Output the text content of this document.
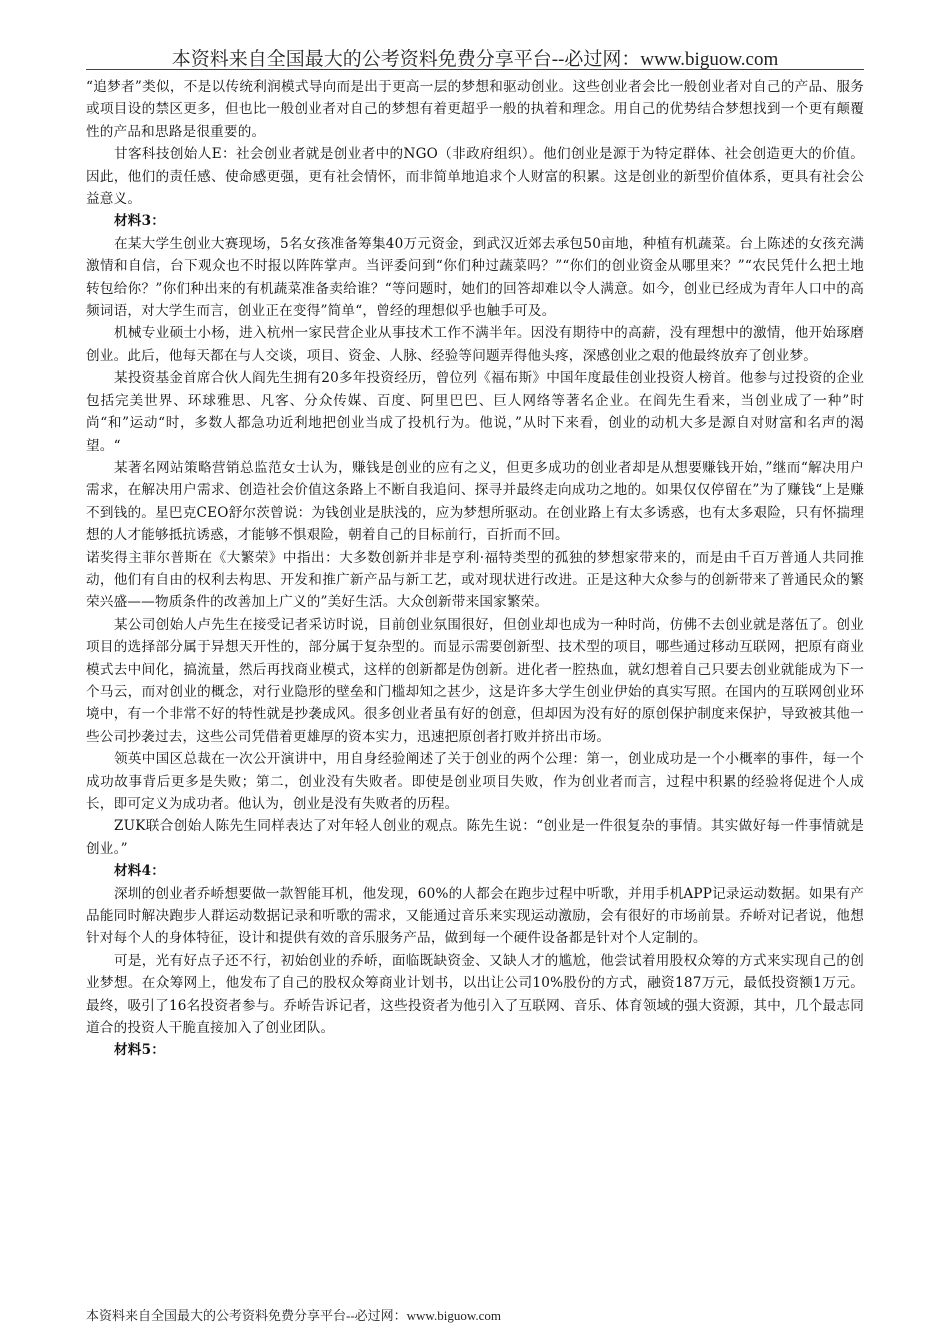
本资料来自全国最大的公考资料免费分享平台--必过网：www.biguow.com

“追梦者”类似，不是以传统利润模式导向而是出于更高一层的梦想和驱动创业。这些创业者会比一般创业者对自己的产品、服务或项目设的禁区更多，但也比一般创业者对自己的梦想有着更超乎一般的执着和理念。用自己的优势结合梦想找到一个更有颠覆性的产品和思路是很重要的。

甘客科技创始人E：社会创业者就是创业者中的NGO（非政府组织）。他们创业是源于为特定群体、社会创造更大的价值。因此，他们的责任感、使命感更强，更有社会情怀，而非简单地追求个人财富的积累。这是创业的新型价值体系，更具有社会公益意义。

材料3：

在某大学生创业大赛现场，5名女孩准备筹集40万元资金，到武汉近郊去承包50亩地，种植有机蔬菜。台上陈述的女孩充满激情和自信，台下观众也不时报以阵阵掌声。当评委问到“你们种过蔬菜吗？”“你们的创业资金从哪里来？”“农民凭什么把土地转包给你？”你们种出来的有机蔬菜准备卖给谁？“等问题时，她们的回答却难以令人满意。如今，创业已经成为青年人口中的高频词语，对大学生而言，创业正在变得”简单“，曾经的理想似乎也触手可及。

机械专业硕士小杨，进入杭州一家民营企业从事技术工作不满半年。因没有期待中的高薪，没有理想中的激情，他开始琢磨创业。此后，他每天都在与人交谈，项目、资金、人脉、经验等问题弄得他头疼，深感创业之艰的他最终放弃了创业梦。

某投资基金首席合伙人阎先生拥有20多年投资经历，曾位列《福布斯》中国年度最佳创业投资人榜首。他参与过投资的企业包括完美世界、环球雅思、凡客、分众传媒、百度、阿里巴巴、巨人网络等著名企业。在阎先生看来，当创业成了一种”时尚“和”运动“时，多数人都急功近利地把创业当成了投机行为。他说，”从时下来看，创业的动机大多是源自对财富和名声的渴望。“

某著名网站策略营销总监范女士认为，赚钱是创业的应有之义，但更多成功的创业者却是从想要赚钱开始，”继而“解决用户需求，在解决用户需求、创造社会价值这条路上不断自我追问、探寻并最终走向成功之地的。如果仅仅停留在”为了赚钱“上是赚不到钱的。星巴克CEO舒尔茨曾说：为钱创业是肤浅的，应为梦想所驱动。在创业路上有太多诱惑，也有太多艰险，只有怀揣理想的人才能够抵抗诱惑，才能够不惧艰险，朝着自己的目标前行，百折而不回。

诺奖得主菲尔普斯在《大繁荣》中指出：大多数创新并非是亨利·福特类型的孤独的梦想家带来的，而是由千百万普通人共同推动，他们有自由的权利去构思、开发和推广新产品与新工艺，或对现状进行改进。正是这种大众参与的创新带来了普通民众的繁荣兴盛——物质条件的改善加上广义的”美好生活。大众创新带来国家繁荣。

某公司创始人卢先生在接受记者采访时说，目前创业氛围很好，但创业却也成为一种时尚，仿佛不去创业就是落伍了。创业项目的选择部分属于异想天开性的，部分属于复杂型的。而显示需要创新型、技术型的项目，哪些通过移动互联网，把原有商业模式去中间化，搞流量，然后再找商业模式，这样的创新都是伪创新。进化者一腔热血，就幻想着自己只要去创业就能成为下一个马云，而对创业的概念，对行业隐形的壁垒和门槛却知之甚少，这是许多大学生创业伊始的真实写照。在国内的互联网创业环境中，有一个非常不好的特性就是抄袭成风。很多创业者虽有好的创意，但却因为没有好的原创保护制度来保护，导致被其他一些公司抄袭过去，这些公司凭借着更雄厚的资本实力，迅速把原创者打败并挤出市场。

领英中国区总裁在一次公开演讲中，用自身经验阐述了关于创业的两个公理：第一，创业成功是一个小概率的事件，每一个成功故事背后更多是失败；第二，创业没有失败者。即使是创业项目失败，作为创业者而言，过程中积累的经验将促进个人成长，即可定义为成功者。他认为，创业是没有失败者的历程。

ZUK联合创始人陈先生同样表达了对年轻人创业的观点。陈先生说：“创业是一件很复杂的事情。其实做好每一件事情就是创业。”

材料4：

深圳的创业者乔峤想要做一款智能耳机，他发现，60%的人都会在跑步过程中听歌，并用手机APP记录运动数据。如果有产品能同时解决跑步人群运动数据记录和听歌的需求，又能通过音乐来实现运动激励，会有很好的市场前景。乔峤对记者说，他想针对每个人的身体特征，设计和提供有效的音乐服务产品，做到每一个硬件设备都是针对个人定制的。

可是，光有好点子还不行，初始创业的乔峤，面临既缺资金、又缺人才的尴尬，他尝试着用股权众筹的方式来实现自己的创业梦想。在众筹网上，他发布了自己的股权众筹商业计划书，以出让公司10%股份的方式，融资187万元，最低投资额1万元。最终，吸引了16名投资者参与。乔峤告诉记者，这些投资者为他引入了互联网、音乐、体育领域的强大资源，其中，几个最志同道合的投资人干脆直接加入了创业团队。

材料5：

本资料来自全国最大的公考资料免费分享平台--必过网：www.biguow.com
